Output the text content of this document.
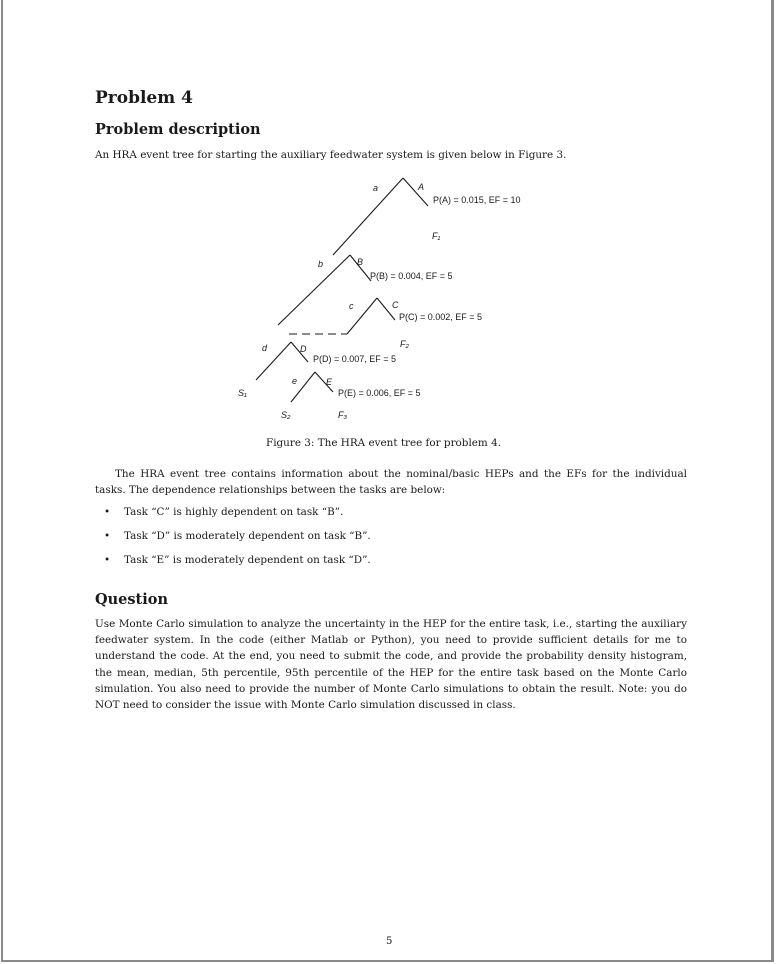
Problem 4
Problem description

An HRA event tree for starting the auxiliary feedwater system is given below in Figure 3.

a
b
c
d
e
A
B
C
D
E
P(A) = 0.015, EF = 10
P(B) = 0.004, EF = 5
P(C) = 0.002, EF = 5
P(D) = 0.007, EF = 5
P(E) = 0.006, EF = 5
F₁
F₂
S₁
S₂	F₃

Figure 3: The HRA event tree for problem 4.

The HRA event tree contains information about the nominal/basic HEPs and the EFs for the individual tasks. The dependence relationships between the tasks are below:

• Task “C” is highly dependent on task “B”.
• Task “D” is moderately dependent on task “B”.
• Task “E” is moderately dependent on task “D”.
Question

Use Monte Carlo simulation to analyze the uncertainty in the HEP for the entire task, i.e., starting the auxiliary feedwater system. In the code (either Matlab or Python), you need to provide sufficient details for me to understand the code. At the end, you need to submit the code, and provide the probability density histogram, the mean, median, 5th percentile, 95th percentile of the HEP for the entire task based on the Monte Carlo simulation. You also need to provide the number of Monte Carlo simulations to obtain the result. Note: you do NOT need to consider the issue with Monte Carlo simulation discussed in class.

5
